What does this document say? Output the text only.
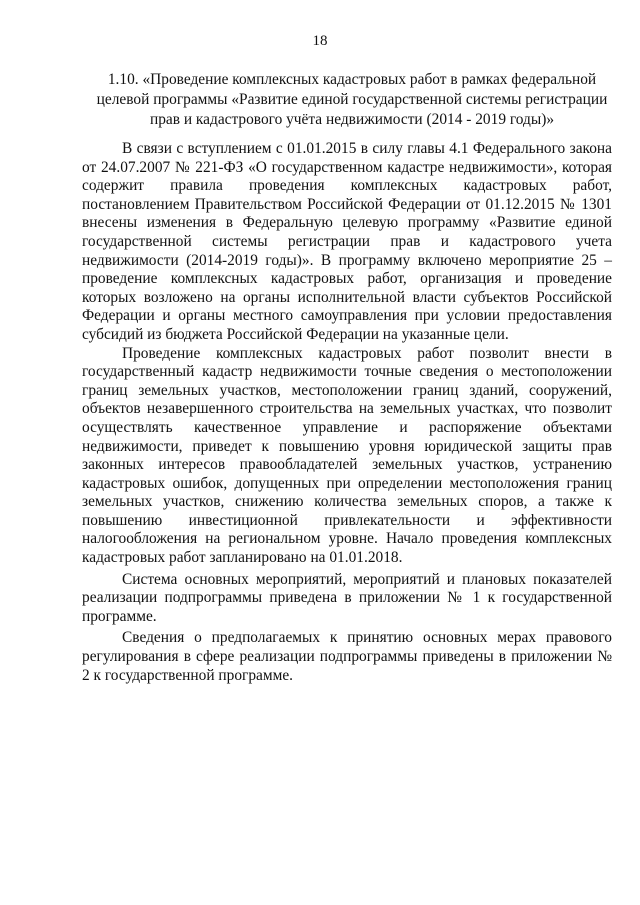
18
1.10. «Проведение комплексных кадастровых работ в рамках федеральной целевой программы «Развитие единой государственной системы регистрации прав и кадастрового учёта недвижимости (2014 - 2019 годы)»

В связи с вступлением с 01.01.2015 в силу главы 4.1 Федерального закона от 24.07.2007 № 221-ФЗ «О государственном кадастре недвижимости», которая содержит правила проведения комплексных кадастровых работ, постановлением Правительством Российской Федерации от 01.12.2015 № 1301 внесены изменения в Федеральную целевую программу «Развитие единой государственной системы регистрации прав и кадастрового учета недвижимости (2014-2019 годы)». В программу включено мероприятие 25 – проведение комплексных кадастровых работ, организация и проведение которых возложено на органы исполнительной власти субъектов Российской Федерации и органы местного самоуправления при условии предоставления субсидий из бюджета Российской Федерации на указанные цели.

Проведение комплексных кадастровых работ позволит внести в государственный кадастр недвижимости точные сведения о местоположении границ земельных участков, местоположении границ зданий, сооружений, объектов незавершенного строительства на земельных участках, что позволит осуществлять качественное управление и распоряжение объектами недвижимости, приведет к повышению уровня юридической защиты прав законных интересов правообладателей земельных участков, устранению кадастровых ошибок, допущенных при определении местоположения границ земельных участков, снижению количества земельных споров, а также к повышению инвестиционной привлекательности и эффективности налогообложения на региональном уровне. Начало проведения комплексных кадастровых работ запланировано на 01.01.2018.

Система основных мероприятий, мероприятий и плановых показателей реализации подпрограммы приведена в приложении № 1 к государственной программе.

Сведения о предполагаемых к принятию основных мерах правового регулирования в сфере реализации подпрограммы приведены в приложении № 2 к государственной программе.
